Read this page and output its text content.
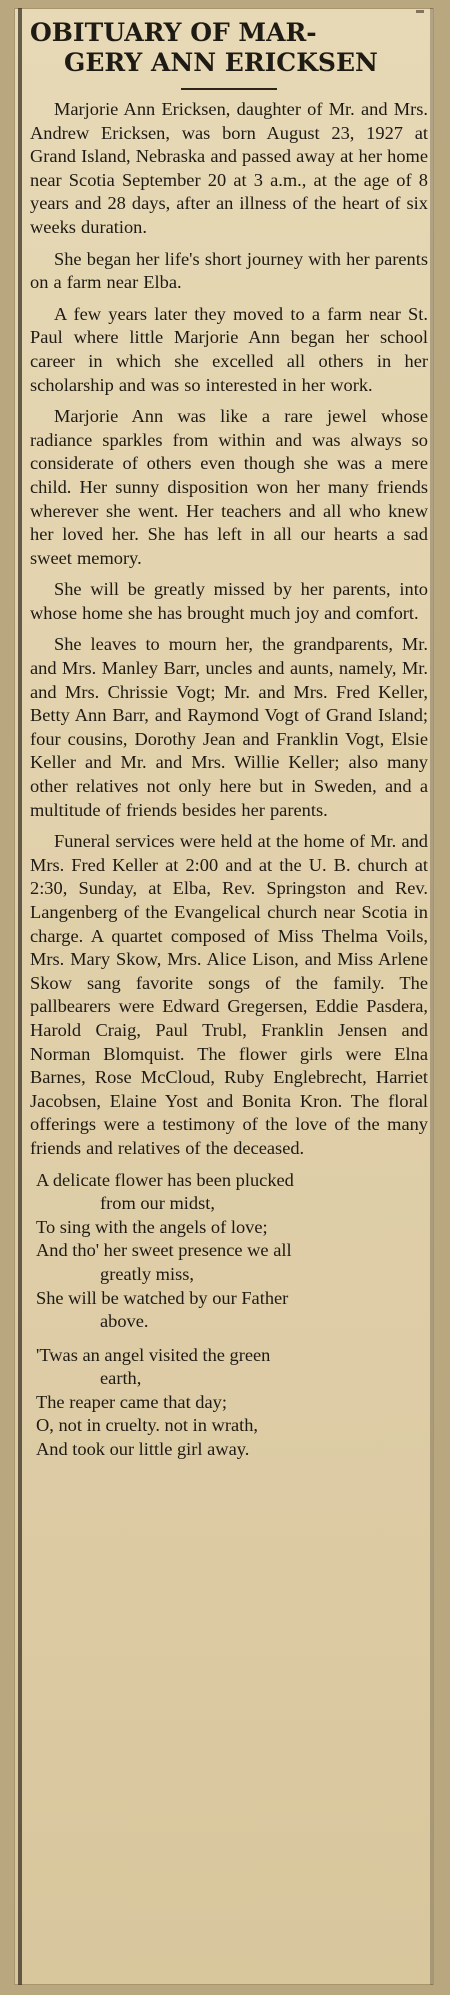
OBITUARY OF MAR-
GERY ANN ERICKSEN

Marjorie Ann Ericksen, daughter of Mr. and Mrs. Andrew Ericksen, was born August 23, 1927 at Grand Island, Nebraska and passed away at her home near Scotia September 20 at 3 a.m., at the age of 8 years and 28 days, after an illness of the heart of six weeks duration.

She began her life's short journey with her parents on a farm near Elba.

A few years later they moved to a farm near St. Paul where little Marjorie Ann began her school career in which she excelled all others in her scholarship and was so interested in her work.

Marjorie Ann was like a rare jewel whose radiance sparkles from within and was always so considerate of others even though she was a mere child. Her sunny disposition won her many friends wherever she went. Her teachers and all who knew her loved her. She has left in all our hearts a sad sweet memory.

She will be greatly missed by her parents, into whose home she has brought much joy and comfort.

She leaves to mourn her, the grandparents, Mr. and Mrs. Manley Barr, uncles and aunts, namely, Mr. and Mrs. Chrissie Vogt; Mr. and Mrs. Fred Keller, Betty Ann Barr, and Raymond Vogt of Grand Island; four cousins, Dorothy Jean and Franklin Vogt, Elsie Keller and Mr. and Mrs. Willie Keller; also many other relatives not only here but in Sweden, and a multitude of friends besides her parents.

Funeral services were held at the home of Mr. and Mrs. Fred Keller at 2:00 and at the U. B. church at 2:30, Sunday, at Elba, Rev. Springston and Rev. Langenberg of the Evangelical church near Scotia in charge. A quartet composed of Miss Thelma Voils, Mrs. Mary Skow, Mrs. Alice Lison, and Miss Arlene Skow sang favorite songs of the family. The pallbearers were Edward Gregersen, Eddie Pasdera, Harold Craig, Paul Trubl, Franklin Jensen and Norman Blomquist. The flower girls were Elna Barnes, Rose McCloud, Ruby Englebrecht, Harriet Jacobsen, Elaine Yost and Bonita Kron. The floral offerings were a testimony of the love of the many friends and relatives of the deceased.

A delicate flower has been plucked
from our midst,
To sing with the angels of love;
And tho' her sweet presence we all
greatly miss,
She will be watched by our Father
above.
'Twas an angel visited the green
earth,
The reaper came that day;
O, not in cruelty. not in wrath,
And took our little girl away.
